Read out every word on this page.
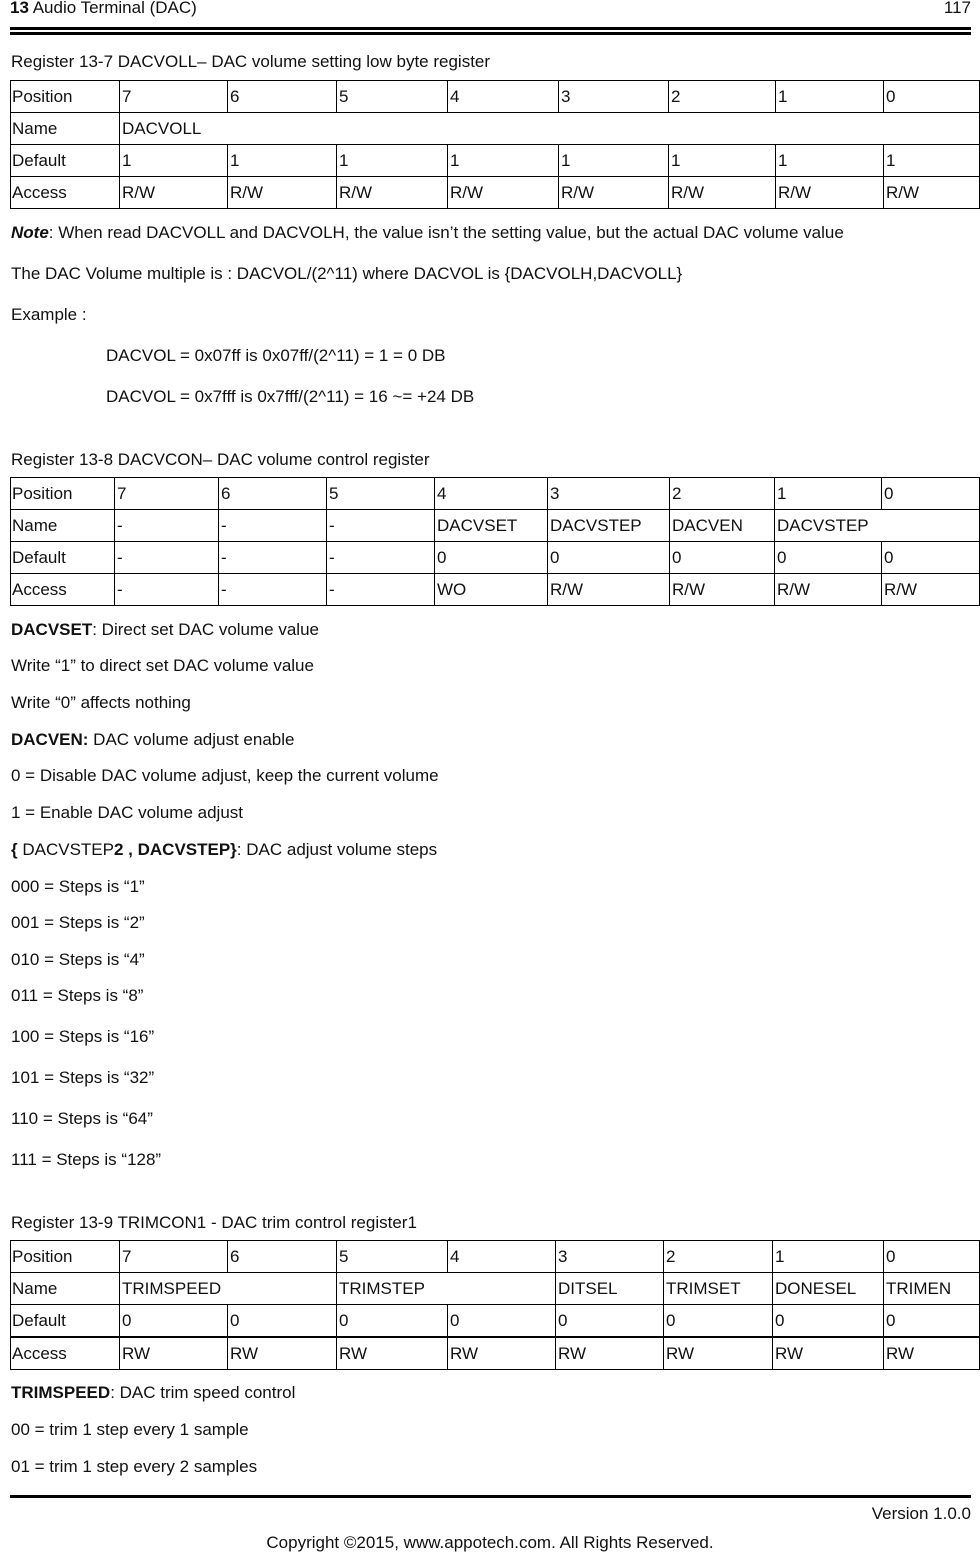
13 Audio Terminal (DAC)	117
Register 13-7 DACVOLL– DAC volume setting low byte register
Position	7	6	5	4	3	2	1	0
Name	DACVOLL							
Default	1	1	1	1	1	1	1	1
Access	R/W	R/W	R/W	R/W	R/W	R/W	R/W	R/W
Note: When read DACVOLL and DACVOLH, the value isn’t the setting value, but the actual DAC volume value
The DAC Volume multiple is : DACVOL/(2^11) where DACVOL is {DACVOLH,DACVOLL}
Example :
DACVOL = 0x07ff is 0x07ff/(2^11) = 1 = 0 DB
DACVOL = 0x7fff is 0x7fff/(2^11) = 16 ~= +24 DB
Register 13-8 DACVCON– DAC volume control register
Position	7	6	5	4	3	2	1	0
Name	-	-	-	DACVSET	DACVSTEP	DACVEN	DACVSTEP	
Default	-	-	-	0	0	0	0	0
Access	-	-	-	WO	R/W	R/W	R/W	R/W
DACVSET: Direct set DAC volume value
Write “1” to direct set DAC volume value
Write “0” affects nothing
DACVEN: DAC volume adjust enable
0 = Disable DAC volume adjust, keep the current volume
1 = Enable DAC volume adjust
{ DACVSTEP2 , DACVSTEP}: DAC adjust volume steps
000 = Steps is “1”
001 = Steps is “2”
010 = Steps is “4”
011 = Steps is “8”
100 = Steps is “16”
101 = Steps is “32”
110 = Steps is “64”
111 = Steps is “128”
Register 13-9 TRIMCON1 - DAC trim control register1
Position	7	6	5	4	3	2	1	0
Name	TRIMSPEED		TRIMSTEP		DITSEL	TRIMSET	DONESEL	TRIMEN
Default	0	0	0	0	0	0	0	0
Access	RW	RW	RW	RW	RW	RW	RW	RW
TRIMSPEED: DAC trim speed control
00 = trim 1 step every 1 sample
01 = trim 1 step every 2 samples
Version 1.0.0
Copyright ©2015, www.appotech.com. All Rights Reserved.
